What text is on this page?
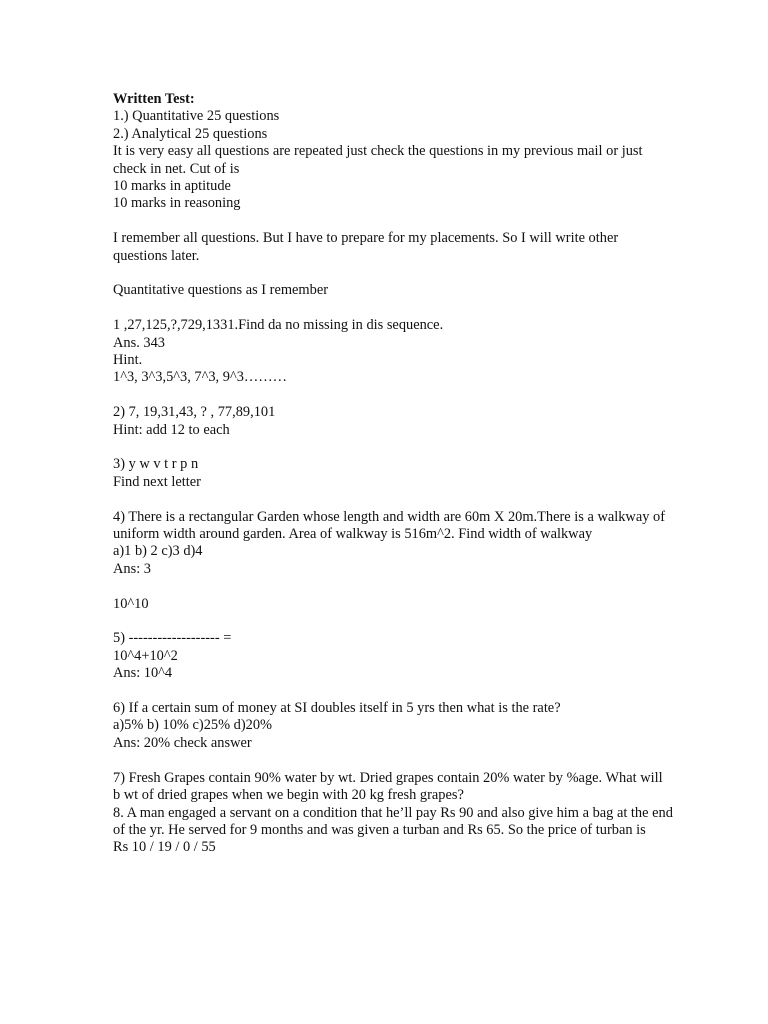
Written Test:
1.) Quantitative 25 questions
2.) Analytical 25 questions
It is very easy all questions are repeated just check the questions in my previous mail or just check in net. Cut of is
10 marks in aptitude
10 marks in reasoning
I remember all questions. But I have to prepare for my placements. So I will write other questions later.
Quantitative questions as I remember
1 ,27,125,?,729,1331.Find da no missing in dis sequence.
Ans. 343
Hint.
1^3, 3^3,5^3, 7^3, 9^3………
2) 7, 19,31,43, ? , 77,89,101
Hint: add 12 to each
3) y w v t r p n
Find next letter
4) There is a rectangular Garden whose length and width are 60m X 20m.There is a walkway of uniform width around garden. Area of walkway is 516m^2. Find width of walkway
a)1 b) 2 c)3 d)4
Ans: 3
10^10
5) ------------------- =
10^4+10^2
Ans: 10^4
6) If a certain sum of money at SI doubles itself in 5 yrs then what is the rate?
a)5% b) 10% c)25% d)20%
Ans: 20% check answer
7) Fresh Grapes contain 90% water by wt. Dried grapes contain 20% water by %age. What will b wt of dried grapes when we begin with 20 kg fresh grapes?
8. A man engaged a servant on a condition that he’ll pay Rs 90 and also give him a bag at the end of the yr. He served for 9 months and was given a turban and Rs 65. So the price of turban is
Rs 10 / 19 / 0 / 55
